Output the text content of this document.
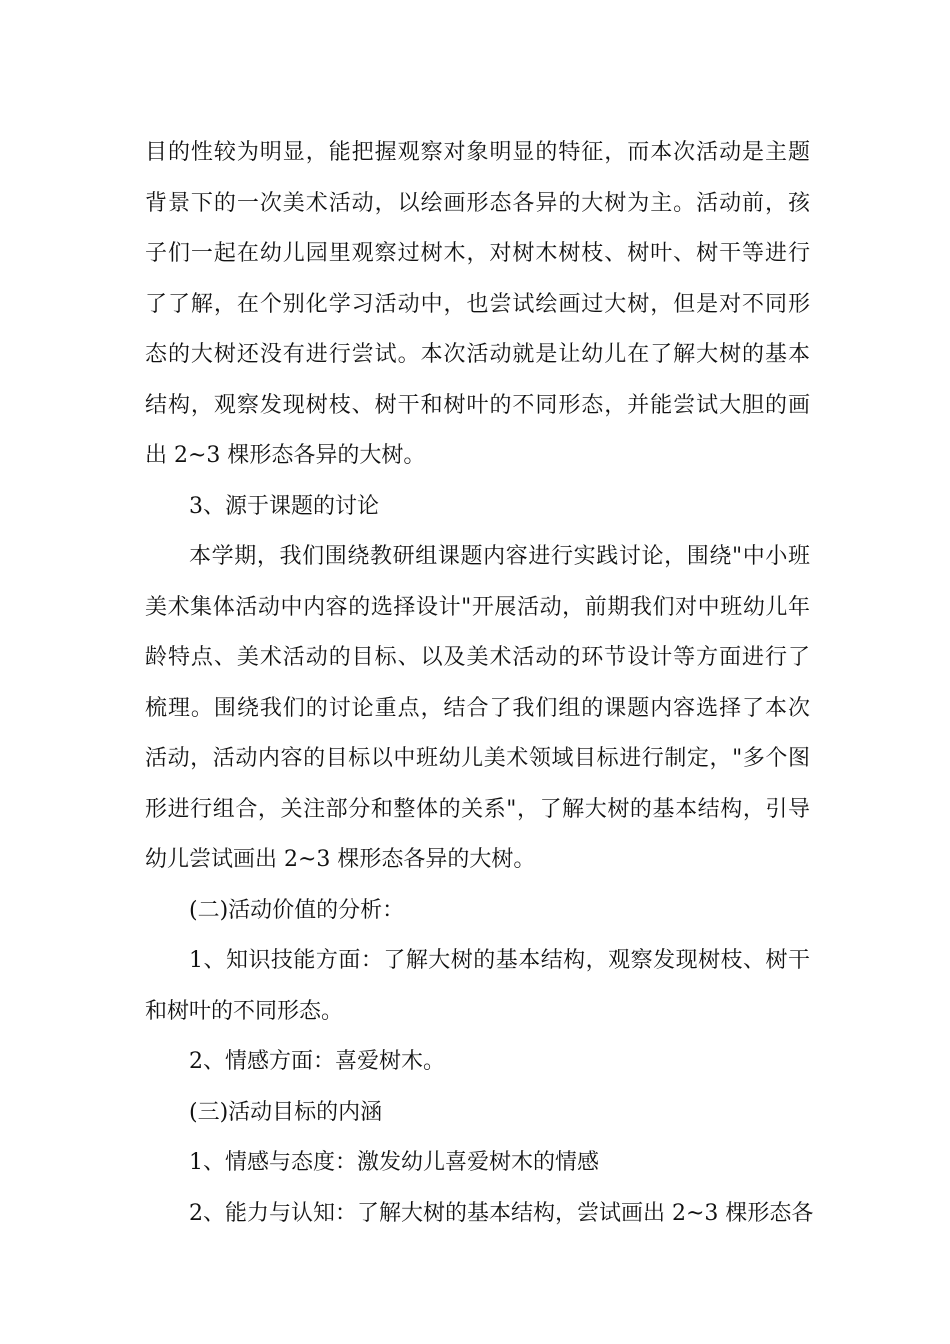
目的性较为明显，能把握观察对象明显的特征，而本次活动是主题
背景下的一次美术活动，以绘画形态各异的大树为主。活动前，孩
子们一起在幼儿园里观察过树木，对树木树枝、树叶、树干等进行
了了解，在个别化学习活动中，也尝试绘画过大树，但是对不同形
态的大树还没有进行尝试。本次活动就是让幼儿在了解大树的基本
结构，观察发现树枝、树干和树叶的不同形态，并能尝试大胆的画
出 2~3 棵形态各异的大树。
3、源于课题的讨论
本学期，我们围绕教研组课题内容进行实践讨论，围绕"中小班
美术集体活动中内容的选择设计"开展活动，前期我们对中班幼儿年
龄特点、美术活动的目标、以及美术活动的环节设计等方面进行了
梳理。围绕我们的讨论重点，结合了我们组的课题内容选择了本次
活动，活动内容的目标以中班幼儿美术领域目标进行制定，"多个图
形进行组合，关注部分和整体的关系"，了解大树的基本结构，引导
幼儿尝试画出 2~3 棵形态各异的大树。
(二)活动价值的分析：
1、知识技能方面：了解大树的基本结构，观察发现树枝、树干
和树叶的不同形态。
2、情感方面：喜爱树木。
(三)活动目标的内涵
1、情感与态度：激发幼儿喜爱树木的情感
2、能力与认知：了解大树的基本结构，尝试画出 2~3 棵形态各
